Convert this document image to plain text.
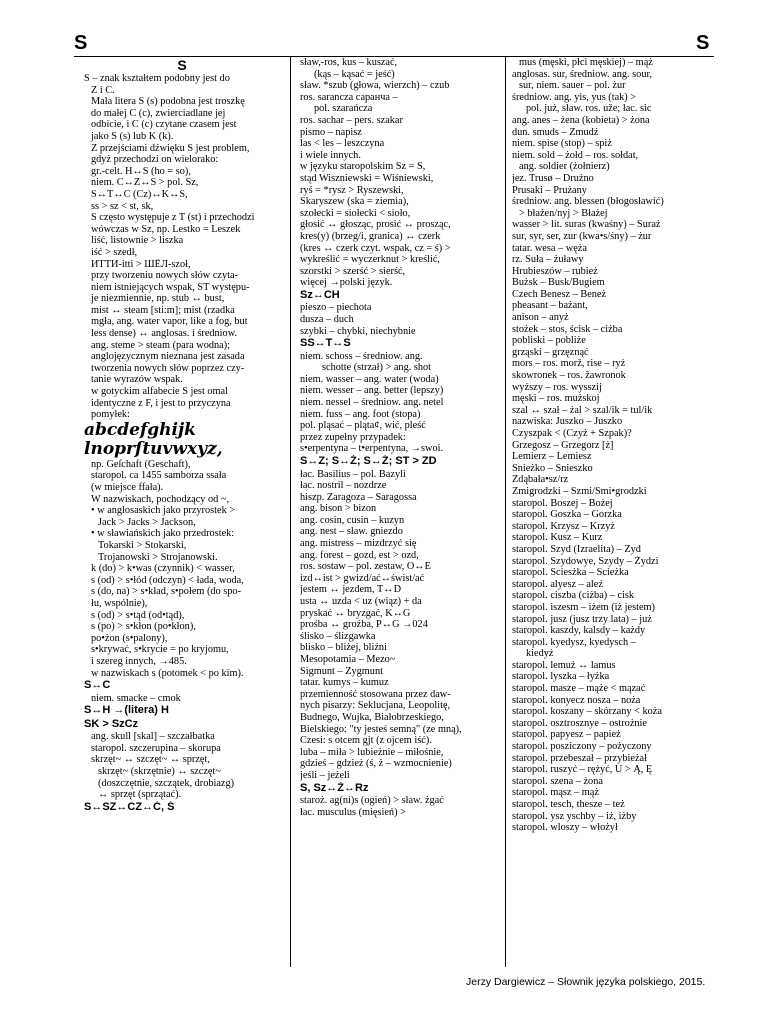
S	S
S
S – znak kształtem podobny jest do
Z i C.
Mała litera S (s) podobna jest troszkę
do małej C (c), zwierciadlane jej
odbicie, i C (c) czytane czasem jest
jako S (s) lub K (k).
Z przejściami dźwięku S jest problem,
gdyż przechodzi on wielorako:
gr.-celt. H↔S (ho = so),
niem. C↔Z↔S > pol. Sz,
S↔T↔C (Cz)↔K↔S,
ss > sz < st, sk,
S często występuje z T (st) i przechodzi
wówczas w Sz, np. Lestko = Leszek
liść, listownie > liszka
iść > szedł,
ИТТИ-itti > ШЁЛ-szoł,
przy tworzeniu nowych słów czyta-
niem istniejących wspak, ST występu-
je niezmiennie, np. stub ↔ bust,
mist ↔ steam [sti:m]; mist (rzadka
mgła, ang. water vapor, like a fog, but
less dense) ↔ anglosas. i średniow.
ang. steme > steam (para wodna);
anglojęzycznym nieznana jest zasada
tworzenia nowych słów poprzez czy-
tanie wyrazów wspak.
w gotyckim alfabecie S jest omal
identyczne z F, i jest to przyczyna
pomyłek:
abcdefghijk
lnoprſtuvwxyz,
np. Geſchaft (Geschaft),
staropol. ca 1455 samborza ssała
(w miejsce ffała).
W nazwiskach, pochodzący od ~,
• w anglosaskich jako przyrostek >
Jack > Jacks > Jackson,
• w sławiańskich jako przedrostek:
Tokarski > Stokarski,
Trojanowski > Strojanowski.
k (do) > k•was (czynnik) < wasser,
s (od) > s•łód (odczyn) < łada, woda,
s (do, na) > s•kład, s•połem (do spo-
łu, wspólnie),
s (od) > s•tąd (od•tąd),
s (po) > s•kłon (po•kłon),
po•żon (s•palony),
s•krywać, s•krycie = po kryjomu,
i szereg innych, →485.
w nazwiskach s (potomek < po kim).
S↔C
niem. smacke – cmok
S↔H →(litera) H
SK > SzCz
ang. skull [skal] – szczałbatka
staropol. szczerupina – skorupa
skrzęt~ ↔ szczęt~ ↔ sprzęt,
skrzęt~ (skrzętnie) ↔ szczęt~
(doszczętnie, szczątek, drobiazg)
↔ sprzęt (sprzątać).
S↔SZ↔CZ↔Ć, Ś
sław,-ros, kus – kuszać,
(kąs – kąsać = jeść)
sław. *szub (głowa, wierzch) – czub
ros. sarancza саранча –
pol. szarańcza
ros. sachar – pers. szakar
pismo – napisz
las < les – leszczyna
i wiele innych.
w języku staropolskim Sz = Ś,
stąd Wiszniewski = Wiśniewski,
ryś = *rysz > Ryszewski,
Skaryszew (ska = ziemia),
szołecki = siołecki < sioło,
głosić ↔ głosząc, prosić ↔ prosząc,
kres(y) (brzeg/i, granica) ↔ czerk
(kres ↔ czerk czyt. wspak, cz = ś) >
wykreślić = wyczerknut > kreślić,
szorstki > szerść > sierść,
więcej →polski język.
Sz↔CH
pieszo – piechota
dusza – duch
szybki – chybki, niechybnie
SS↔T↔S
niem. schoss – średniow. ang.
schotte (strzał) > ang. shot
niem. wasser – ang. water (woda)
niem. wesser – ang. better (lepszy)
niem. nessel – średniow. ang. netel
niem. fuss – ang. foot (stopa)
pol. pląsać – pląta¢, wić, pleść
przez zupełny przypadek:
s•erpentyna – t•erpentyna, →swoi.
S↔Z; S↔Ż; S↔Ź; ST > ZD
łac. Basilius – pol. Bazyli
łac. nostril – nozdrze
hiszp. Zaragoza – Saragossa
ang. bison > bizon
ang. cosin, cusin – kuzyn
ang. nest – sław. gniezdo
ang. mistress – mizdrzyć się
ang. forest – gozd, est > ozd,
ros. sostaw – pol. zestaw, O↔E
izd↔ist > gwizd/ać↔świst/ać
jestem ↔ jezdem, T↔D
usta ↔ uzda < uz (wiąz) + da
pryskać ↔ bryzgać, K↔G
prośba ↔ groźba, P↔G →024
ślisko – ślizgawka
blisko – bliżej, bliźni
Mesopotamia – Mezo~
Sigmunt – Zygmunt
tatar. kumys – kumuz
przemienność stosowana przez daw-
nych pisarzy: Seklucjana, Leopolitę,
Budnego, Wujka, Białobrzeskiego,
Bielskiego: "ty jesteś semną" (ze mną),
Czesi: s otcem gjt (z ojcem iść).
luba – miła > lubieżnie – miłośnie,
gdzieś – gdzież (ś, ż – wzmocnienie)
jeśli – jeżeli
S, Sz↔Ż↔Rz
staroż. ag(ni)s (ogień) > sław. żgać
łac. musculus (mięsień) >
mus (męski, płci męskiej) – mąż
anglosas. sur, średniow. ang. sour,
sur, niem. sauer – pol. żur
średniow. ang. yis, yus (tak) >
pol. już, sław. ros. uže; łac. sic
ang. anes – żena (kobieta) > żona
dun. smuds – Zmudź
niem. spise (stop) – spiż
niem. sold – żołd – ros. sołdat,
ang. soldier (żołnierz)
jez. Trusø – Drużno
Prusaki – Prużany
średniow. ang. blessen (błogosławić)
> błażen/nyj > Błażej
wasser > lit. suras (kwaśny) – Suraż
sur, syr, ser, zur (kwa•s/śny) – żur
tatar. wesa – węża
rz. Suła – żuławy
Hrubieszów – rubież
Bużsk – Busk/Bugiem
Czech Benesz – Beneż
pheasant – bażant,
anison – anyż
stożek – stos, ścisk – ciżba
pobliski – pobliże
grząski – grzęznąć
mors – ros. morž, rise – ryż
skowronek – ros. žawronok
wyższy – ros. wysszij
męski – ros. mużskoj
szal ↔ szał – żal > szal/ik = tul/ik
nazwiska: Juszko – Juszko
Czyszpak < (Czyż + Szpak)?
Grzegosz – Grzegorz [ż]
Lemierz – Lemiesz
Snieżko – Snieszko
Zdąbała•sz/rz
Zmigrodzki – Szmi/Śmi•grodzki
staropol. Boszej – Bożej
staropol. Goszka – Gorzka
staropol. Krzysz – Krzyż
staropol. Kusz – Kurz
staropol. Szyd (Izraelita) – Zyd
staropol. Szydowye, Szydy – Żydzi
staropol. Sciesżka – Ścieżka
staropol. alyesz – aleź
staropol. ciszba (ciżba) – cisk
staropol. iszesm – iżem (iż jestem)
staropol. jusz (jusz trzy lata) – już
staropol. kaszdy, kalsdy – każdy
staropol. kyedysz, kyedysch –
kiedyż
staropol. lemuż ↔ lamus
staropol. lyszka – łyżka
staropol. masze – mąże < mązać
staropol. konyecz nosza – noża
staropol. koszany – skórzany < koża
staropol. osztrosznye – ostrożnie
staropol. papyesz – papież
staropol. posziczony – pożyczony
staropol. przebeszał – przybieżał
staropol. ruszyć – rężyć, U > Ą, Ę
staropol. szena – żona
staropol. mąsz – mąż
staropol. tesch, thesze – też
staropol. ysz yschby – iż, iżby
staropol. wloszy – włożył
Jerzy Dargiewicz – Słownik języka polskiego, 2015.
